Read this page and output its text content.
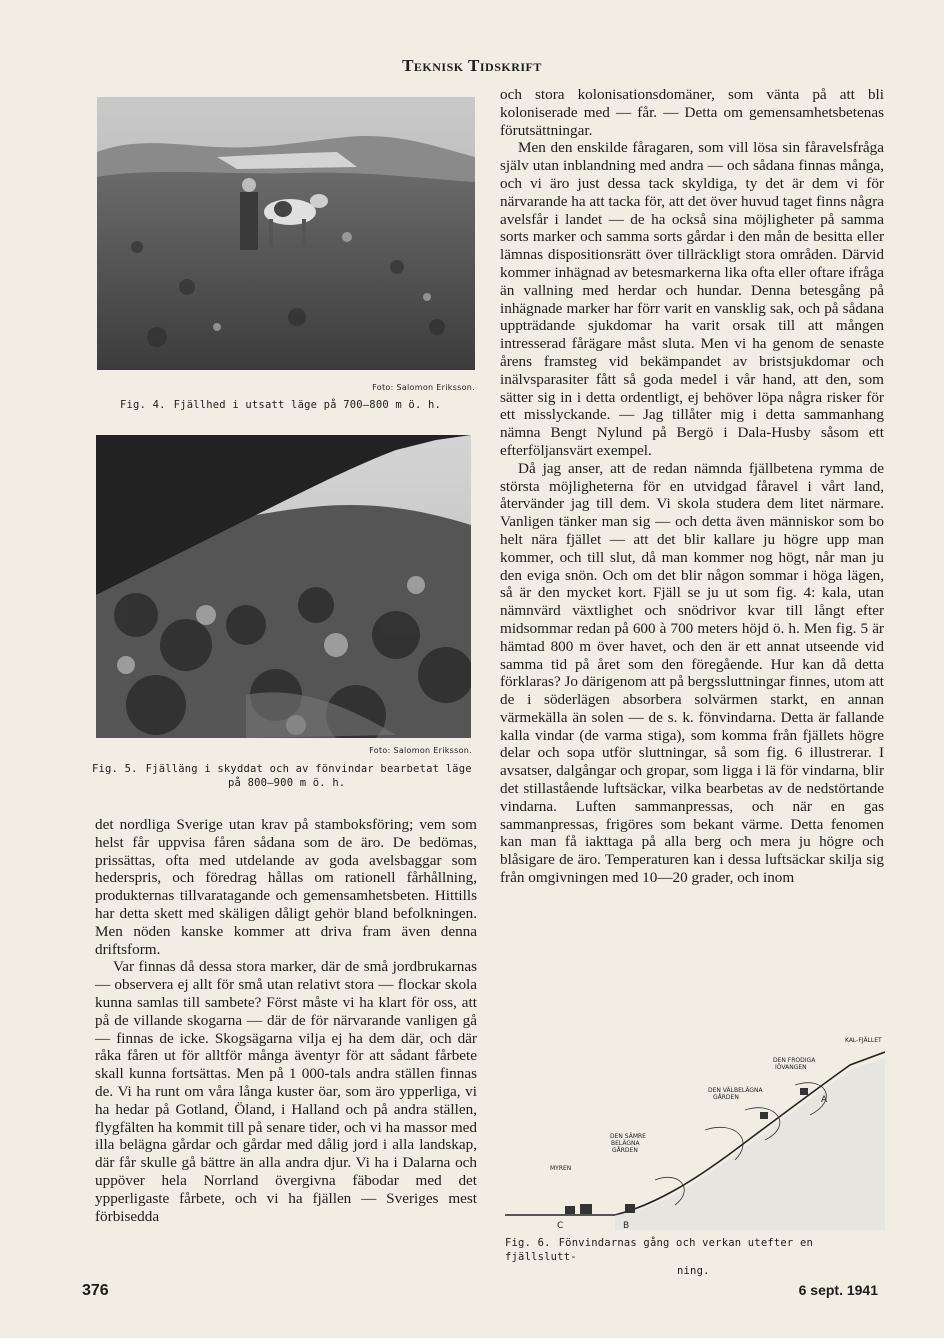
Teknisk Tidskrift
Foto: Salomon Eriksson.
Fig. 4. Fjällhed i utsatt läge på 700—800 m ö. h.
Foto: Salomon Eriksson.
Fig. 5. Fjälläng i skyddat och av fönvindar bearbetat läge
på 800—900 m ö. h.

det nordliga Sverige utan krav på stamboksföring; vem som helst får uppvisa fåren sådana som de äro. De bedömas, prissättas, ofta med utdelande av goda avelsbaggar som hederspris, och föredrag hållas om rationell fårhållning, produkternas tillvaratagande och gemensamhetsbeten. Hittills har detta skett med skäligen dåligt gehör bland befolkningen. Men nöden kanske kommer att driva fram även denna driftsform.

Var finnas då dessa stora marker, där de små jordbrukarnas — observera ej allt för små utan relativt stora — flockar skola kunna samlas till sambete? Först måste vi ha klart för oss, att på de villande skogarna — där de för närvarande vanligen gå — finnas de icke. Skogsägarna vilja ej ha dem där, och där råka fåren ut för alltför många äventyr för att sådant fårbete skall kunna fortsättas. Men på 1 000-tals andra ställen finnas de. Vi ha runt om våra långa kuster öar, som äro ypperliga, vi ha hedar på Gotland, Öland, i Halland och på andra ställen, flygfälten ha kommit till på senare tider, och vi ha massor med illa belägna gårdar och gårdar med dålig jord i alla landskap, där får skulle gå bättre än alla andra djur. Vi ha i Dalarna och uppöver hela Norrland övergivna fäbodar med det ypperligaste fårbete, och vi ha fjällen — Sveriges mest förbisedda

och stora kolonisationsdomäner, som vänta på att bli koloniserade med — får. — Detta om gemensamhetsbetenas förutsättningar.

Men den enskilde fåragaren, som vill lösa sin fåravelsfråga själv utan inblandning med andra — och sådana finnas många, och vi äro just dessa tack skyldiga, ty det är dem vi för närvarande ha att tacka för, att det över huvud taget finns några avelsfår i landet — de ha också sina möjligheter på samma sorts marker och samma sorts gårdar i den mån de besitta eller lämnas dispositionsrätt över tillräckligt stora områden. Därvid kommer inhägnad av betesmarkerna lika ofta eller oftare ifråga än vallning med herdar och hundar. Denna betesgång på inhägnade marker har förr varit en vansklig sak, och på sådana uppträdande sjukdomar ha varit orsak till att mången intresserad fårägare måst sluta. Men vi ha genom de senaste årens framsteg vid bekämpandet av bristsjukdomar och inälvsparasiter fått så goda medel i vår hand, att den, som sätter sig in i detta ordentligt, ej behöver löpa några risker för ett misslyckande. — Jag tillåter mig i detta sammanhang nämna Bengt Nylund på Bergö i Dala-Husby såsom ett efterföljansvärt exempel.

Då jag anser, att de redan nämnda fjällbetena rymma de största möjligheterna för en utvidgad fåravel i vårt land, återvänder jag till dem. Vi skola studera dem litet närmare. Vanligen tänker man sig — och detta även människor som bo helt nära fjället — att det blir kallare ju högre upp man kommer, och till slut, då man kommer nog högt, når man ju den eviga snön. Och om det blir någon sommar i höga lägen, så är den mycket kort. Fjäll se ju ut som fig. 4: kala, utan nämnvärd växtlighet och snödrivor kvar till långt efter midsommar redan på 600 à 700 meters höjd ö. h. Men fig. 5 är hämtad 800 m över havet, och den är ett annat utseende vid samma tid på året som den föregående. Hur kan då detta förklaras? Jo därigenom att på bergssluttningar finnes, utom att de i söderlägen absorbera solvärmen starkt, en annan värmekälla än solen — de s. k. fönvindarna. Detta är fallande kalla vindar (de varma stiga), som komma från fjällets högre delar och sopa utför sluttningar, så som fig. 6 illustrerar. I avsatser, dalgångar och gropar, som ligga i lä för vindarna, blir det stillastående luftsäckar, vilka bearbetas av de nedstörtande vindarna. Luften sammanpressas, och när en gas sammanpressas, frigöres som bekant värme. Detta fenomen kan man få iakttaga på alla berg och mera ju högre och blåsigare de äro. Temperaturen kan i dessa luftsäckar skilja sig från omgivningen med 10—20 grader, och inom

KAL-FJÄLLET
DEN FRODIGA
IÖVANGEN
DEN VÄLBELÄGNA
GÅRDEN
DEN SÄMRE
BELÄGNA
GÅRDEN
MYREN
A
B
C
Fig. 6. Fönvindarnas gång och verkan utefter en fjällslutt-
ning.
376	6 sept. 1941
